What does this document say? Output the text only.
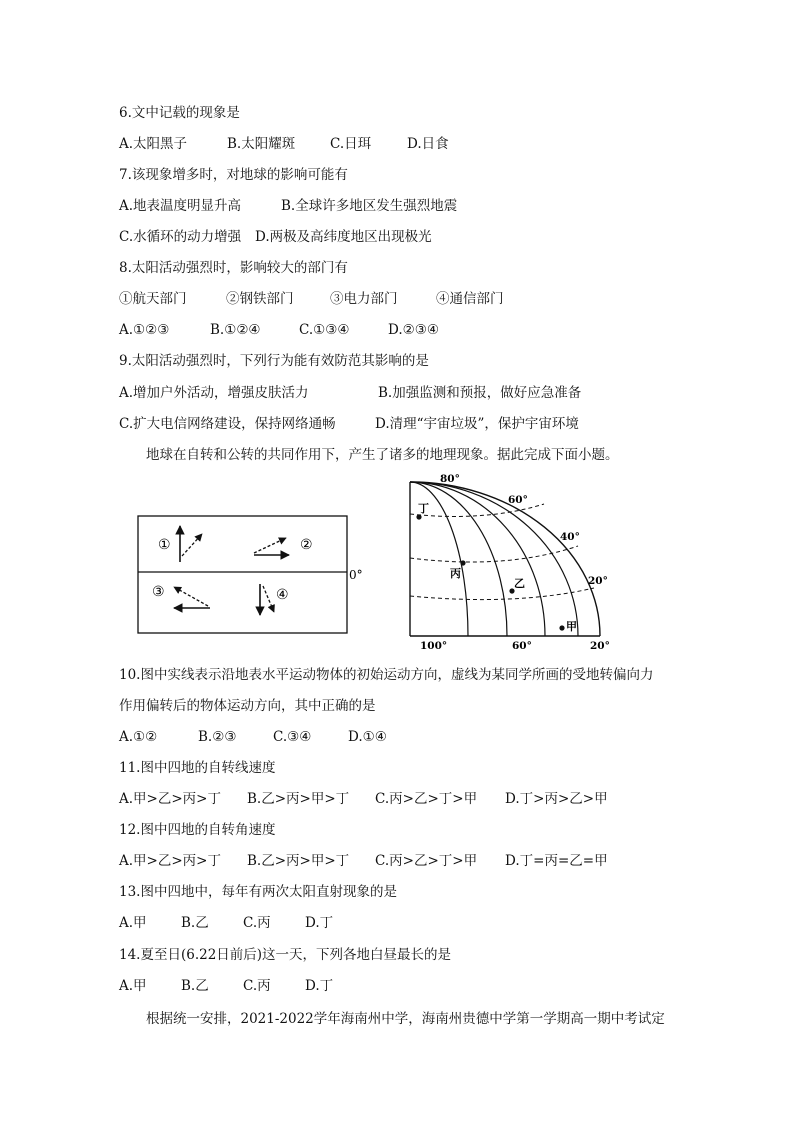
6.文中记载的现象是
A.太阳黑子	B.太阳耀斑	C.日珥	D.日食
7.该现象增多时，对地球的影响可能有
A.地表温度明显升高	B.全球许多地区发生强烈地震
C.水循环的动力增强 D.两极及高纬度地区出现极光
8.太阳活动强烈时，影响较大的部门有
①航天部门	②钢铁部门	③电力部门	④通信部门
A.①②③	B.①②④	C.①③④	D.②③④
9.太阳活动强烈时，下列行为能有效防范其影响的是
A.增加户外活动，增强皮肤活力	B.加强监测和预报，做好应急准备
C.扩大电信网络建设，保持网络通畅	D.清理“宇宙垃圾”，保护宇宙环境
地球在自转和公转的共同作用下，产生了诸多的地理现象。据此完成下面小题。
0°
①	②
③	④
80°
60°
40°
20°
100°	60°	20°
丁
丙
乙
甲
10.图中实线表示沿地表水平运动物体的初始运动方向，虚线为某同学所画的受地转偏向力
作用偏转后的物体运动方向，其中正确的是
A.①②	B.②③	C.③④	D.①④
11.图中四地的自转线速度
A.甲>乙>丙>丁 B.乙>丙>甲>丁 C.丙>乙>丁>甲 D.丁>丙>乙>甲
12.图中四地的自转角速度
A.甲>乙>丙>丁 B.乙>丙>甲>丁 C.丙>乙>丁>甲 D.丁=丙=乙=甲
13.图中四地中，每年有两次太阳直射现象的是
A.甲	B.乙	C.丙	D.丁
14.夏至日(6.22日前后)这一天，下列各地白昼最长的是
A.甲	B.乙	C.丙	D.丁
根据统一安排，2021-2022学年海南州中学，海南州贵德中学第一学期高一期中考试定
